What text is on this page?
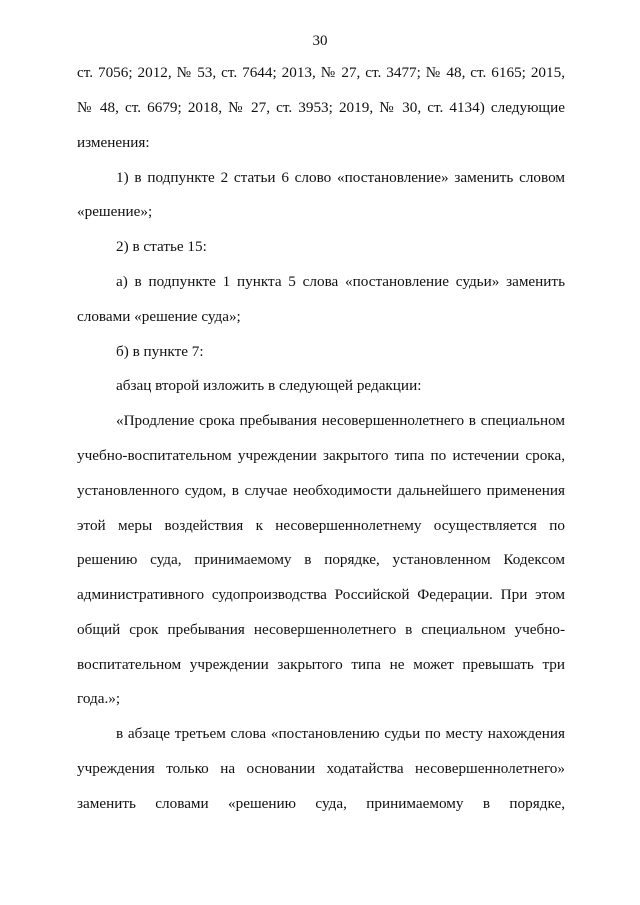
30
ст. 7056; 2012, № 53, ст. 7644; 2013, № 27, ст. 3477; № 48, ст. 6165; 2015,
№ 48, ст. 6679; 2018, № 27, ст. 3953; 2019, № 30, ст. 4134) следующие
изменения:
1) в подпункте 2 статьи 6 слово «постановление» заменить словом
«решение»;
2) в статье 15:
а) в подпункте 1 пункта 5 слова «постановление судьи» заменить
словами «решение суда»;
б) в пункте 7:
абзац второй изложить в следующей редакции:
«Продление срока пребывания несовершеннолетнего в специальном
учебно-воспитательном учреждении закрытого типа по истечении срока,
установленного судом, в случае необходимости дальнейшего применения
этой меры воздействия к несовершеннолетнему осуществляется по
решению суда, принимаемому в порядке, установленном Кодексом
административного судопроизводства Российской Федерации. При этом
общий срок пребывания несовершеннолетнего в специальном учебно-
воспитательном учреждении закрытого типа не может превышать три
года.»;
в абзаце третьем слова «постановлению судьи по месту нахождения
учреждения только на основании ходатайства несовершеннолетнего»
заменить словами «решению суда, принимаемому в порядке,
